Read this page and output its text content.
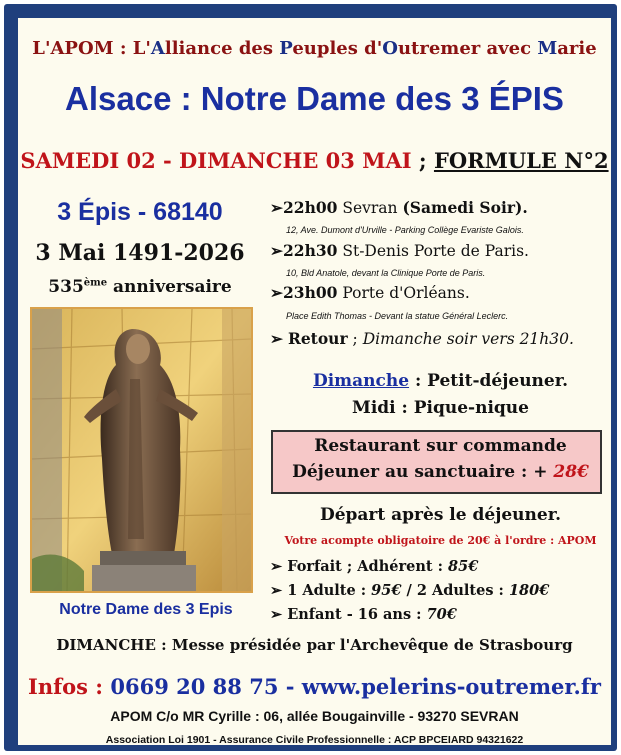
L'APOM : L'Alliance des Peuples d'Outremer avec Marie
Alsace : Notre Dame des 3 ÉPIS
SAMEDI 02 - DIMANCHE 03 MAI ; FORMULE N°2
3 Épis - 68140
3 Mai 1491-2026
535ème anniversaire
Notre Dame des 3 Epis
➢22h00 Sevran (Samedi Soir).
12, Ave. Dumont d'Urville - Parking Collège Evariste Galois.
➢22h30 St-Denis Porte de Paris.
10, Bld Anatole, devant la Clinique Porte de Paris.
➢23h00 Porte d'Orléans.
Place Edith Thomas - Devant la statue Général Leclerc.
➢ Retour ; Dimanche soir vers 21h30.
Dimanche : Petit-déjeuner.
Midi : Pique-nique
Restaurant sur commande
Déjeuner au sanctuaire : + 28€
Départ après le déjeuner.
Votre acompte obligatoire de 20€ à l'ordre : APOM
➢ Forfait ; Adhérent : 85€
➢ 1 Adulte : 95€ / 2 Adultes : 180€
➢ Enfant - 16 ans : 70€
DIMANCHE : Messe présidée par l'Archevêque de Strasbourg
Infos : 0669 20 88 75 - www.pelerins-outremer.fr
APOM C/o MR Cyrille : 06, allée Bougainville - 93270 SEVRAN
Association Loi 1901 - Assurance Civile Professionnelle : ACP BPCEIARD 94321622
